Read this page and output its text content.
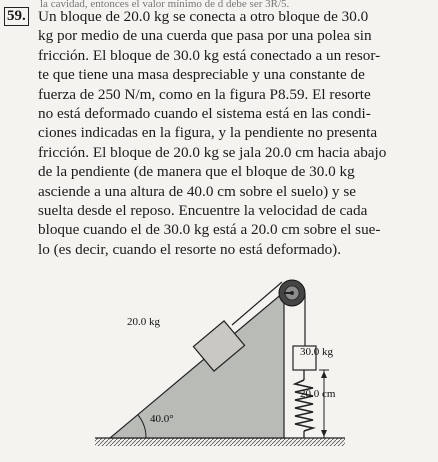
la cavidad, entonces el valor mínimo de d debe ser 3R/5.
59. Un bloque de 20.0 kg se conecta a otro bloque de 30.0
kg por medio de una cuerda que pasa por una polea sin
fricción. El bloque de 30.0 kg está conectado a un resor-
te que tiene una masa despreciable y una constante de
fuerza de 250 N/m, como en la figura P8.59. El resorte
no está deformado cuando el sistema está en las condi-
ciones indicadas en la figura, y la pendiente no presenta
fricción. El bloque de 20.0 kg se jala 20.0 cm hacia abajo
de la pendiente (de manera que el bloque de 30.0 kg
asciende a una altura de 40.0 cm sobre el suelo) y se
suelta desde el reposo. Encuentre la velocidad de cada
bloque cuando el de 30.0 kg está a 20.0 cm sobre el sue-
lo (es decir, cuando el resorte no está deformado).
20.0 kg
30.0 kg
20.0 cm
40.0°
